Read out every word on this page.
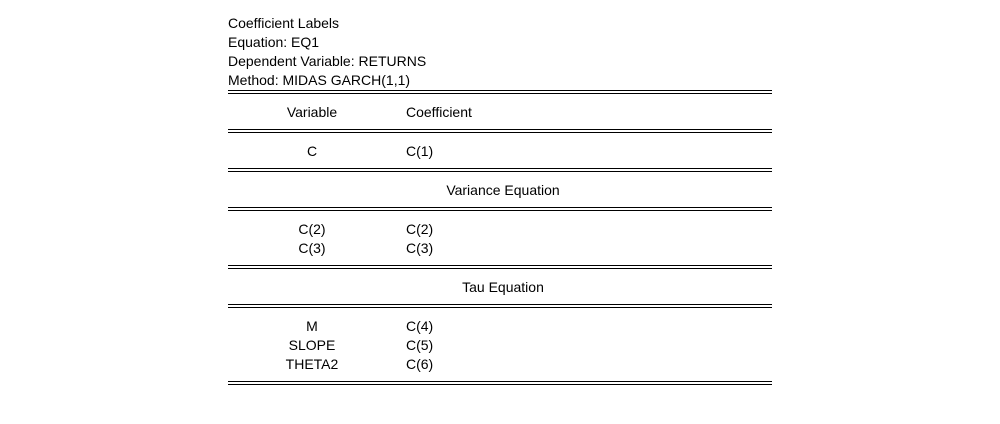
Coefficient Labels
Equation: EQ1
Dependent Variable: RETURNS
Method: MIDAS GARCH(1,1)
Variable	Coefficient
C	C(1)
Variance Equation
C(2)	C(2)
C(3)	C(3)
Tau Equation
M	C(4)
SLOPE	C(5)
THETA2	C(6)
